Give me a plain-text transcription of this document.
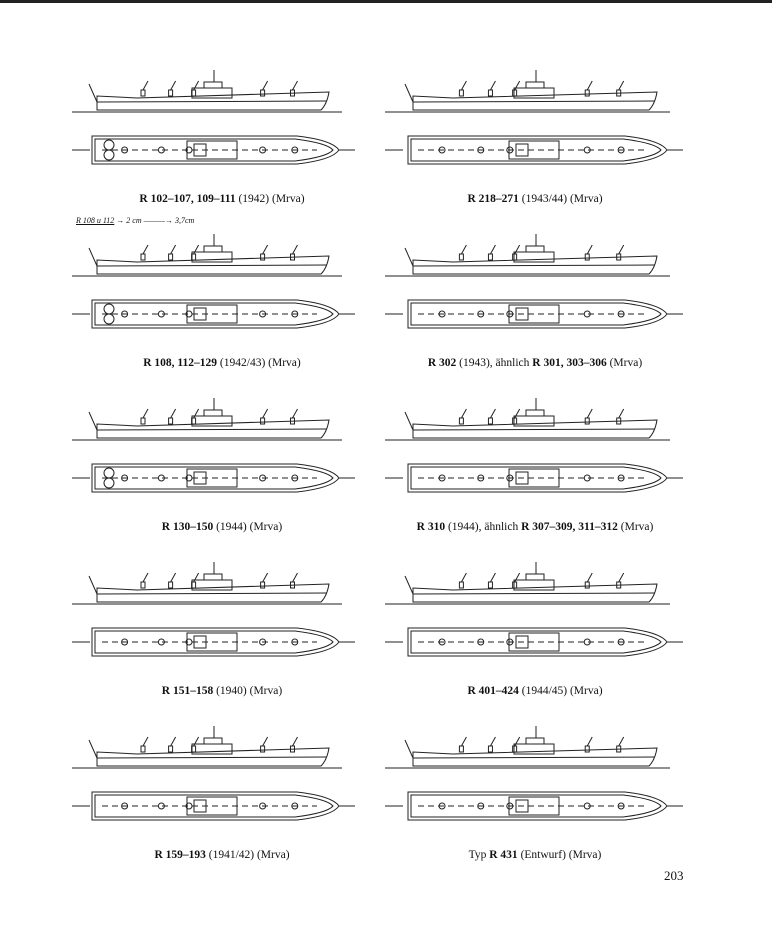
R 102–107, 109–111 (1942) (Mrva)	R 218–271 (1943/44) (Mrva)
R 108, 112–129 (1942/43) (Mrva)	R 302 (1943), ähnlich R 301, 303–306 (Mrva)
R 130–150 (1944) (Mrva)	R 310 (1944), ähnlich R 307–309, 311–312 (Mrva)
R 151–158 (1940) (Mrva)	R 401–424 (1944/45) (Mrva)
R 159–193 (1941/42) (Mrva)	Typ R 431 (Entwurf) (Mrva)
R 108 u 112 → 2 cm ———→ 3,7cm
203
